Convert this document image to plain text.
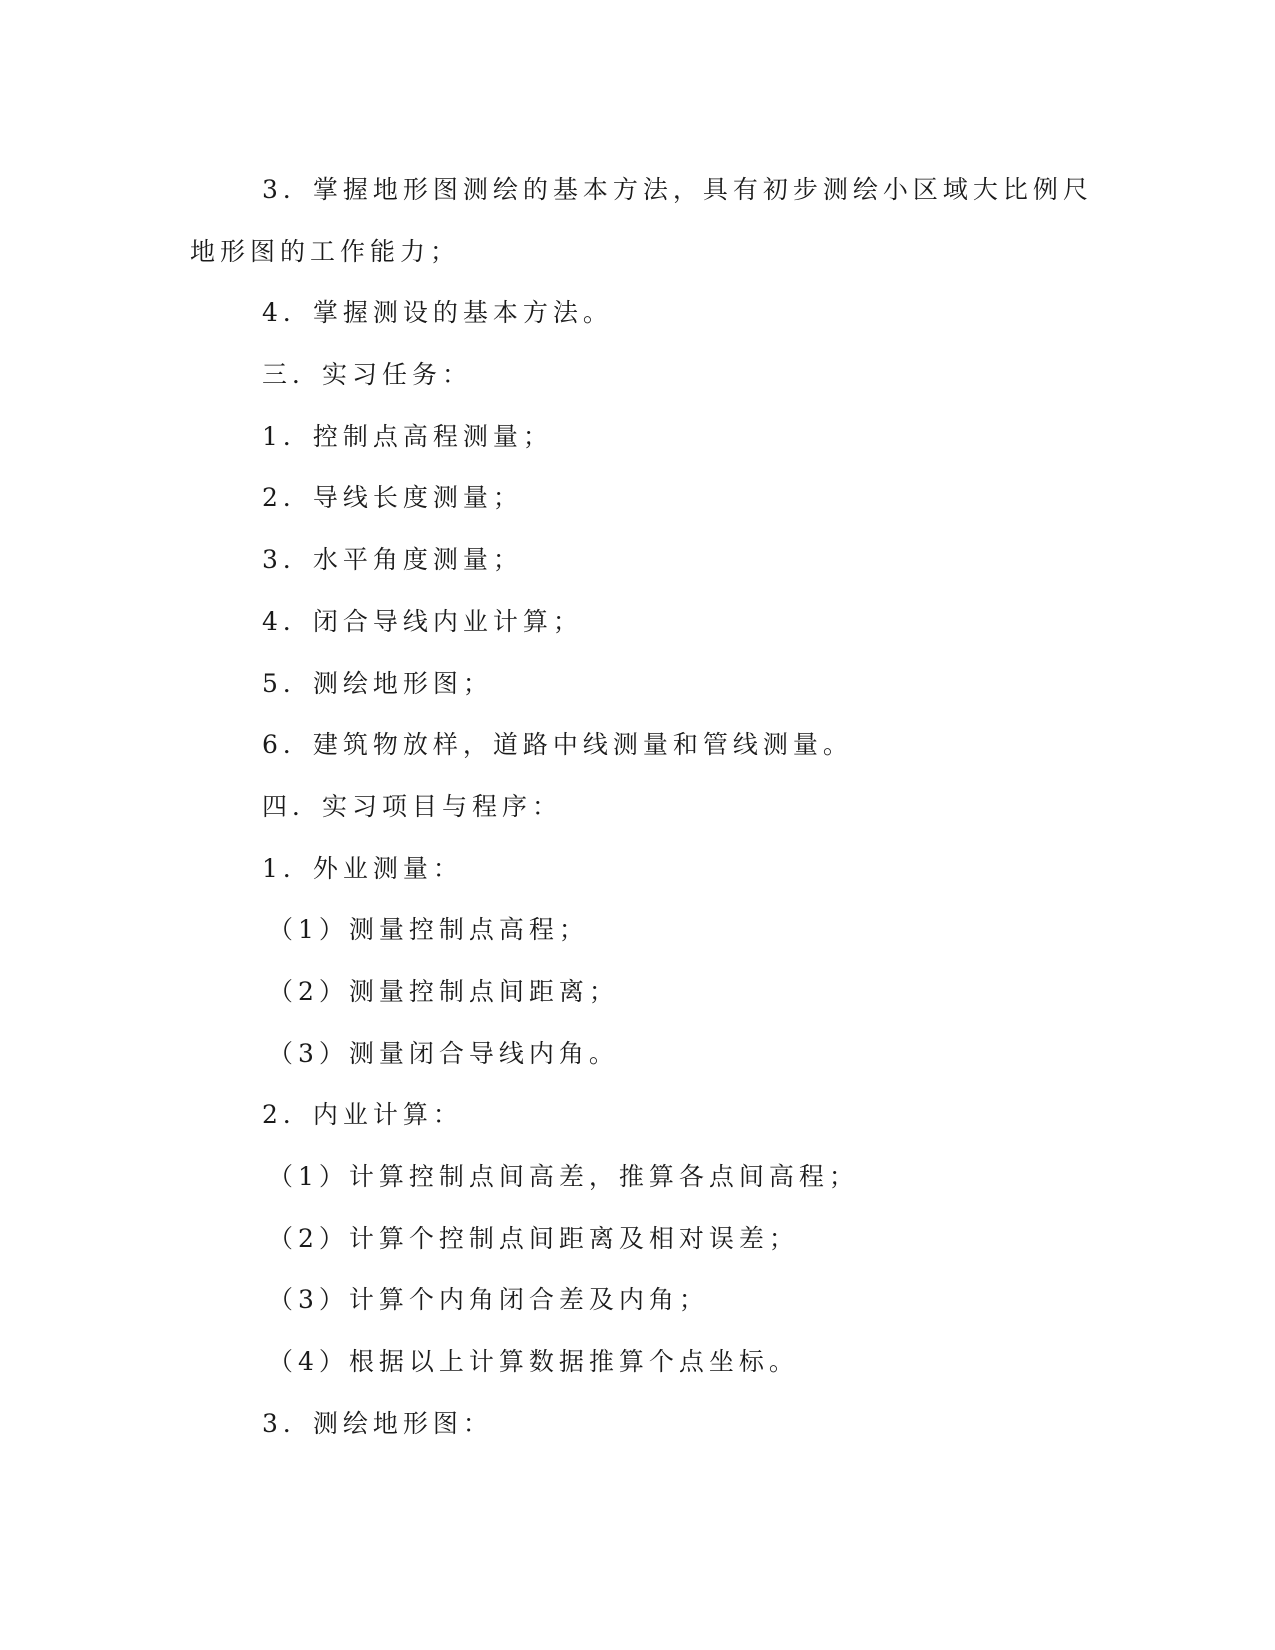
3．掌握地形图测绘的基本方法，具有初步测绘小区域大比例尺
地形图的工作能力；
4．掌握测设的基本方法。
三．实习任务：
1．控制点高程测量；
2．导线长度测量；
3．水平角度测量；
4．闭合导线内业计算；
5．测绘地形图；
6．建筑物放样，道路中线测量和管线测量。
四．实习项目与程序：
1．外业测量：
（1）测量控制点高程；
（2）测量控制点间距离；
（3）测量闭合导线内角。
2．内业计算：
（1）计算控制点间高差，推算各点间高程；
（2）计算个控制点间距离及相对误差；
（3）计算个内角闭合差及内角；
（4）根据以上计算数据推算个点坐标。
3．测绘地形图：
